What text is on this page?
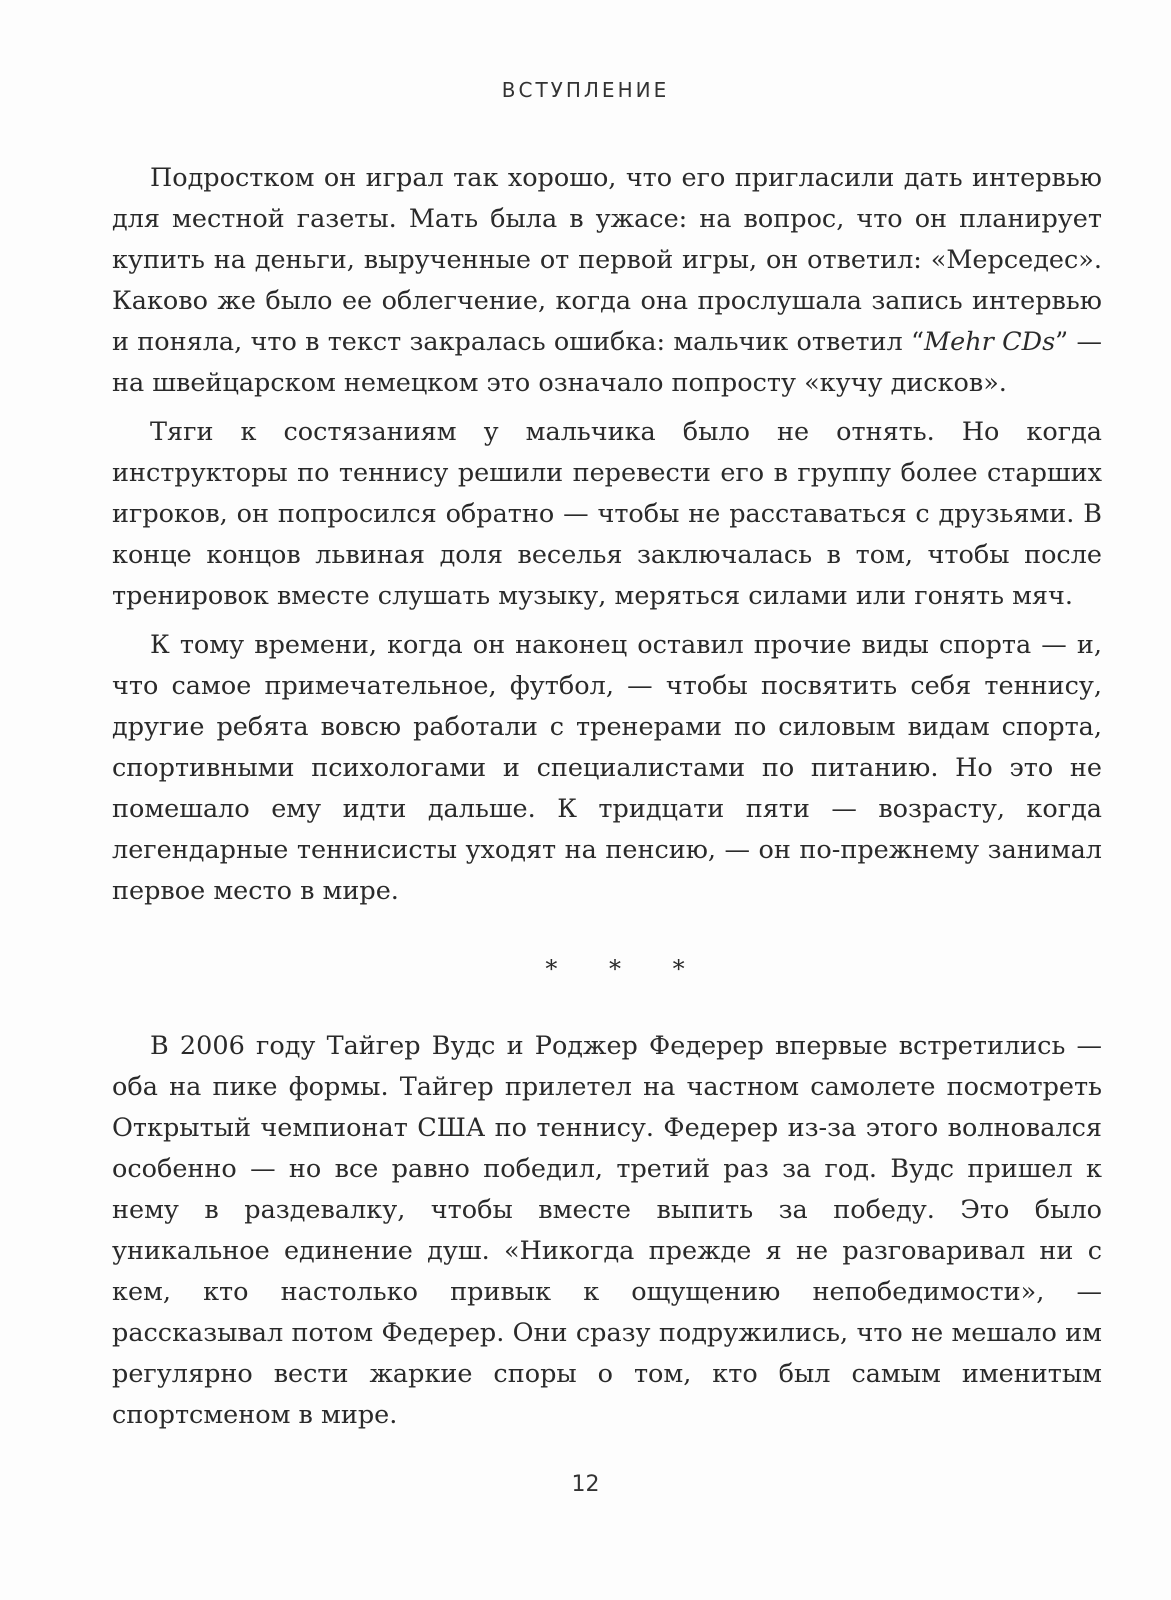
ВСТУПЛЕНИЕ

Подростком он играл так хорошо, что его пригласили дать интервью для местной газеты. Мать была в ужасе: на вопрос, что он планирует купить на деньги, вырученные от первой игры, он ответил: «Мерседес». Каково же было ее облегчение, когда она прослушала запись интервью и поняла, что в текст закралась ошибка: мальчик ответил “Mehr CDs” — на швейцарском немецком это означало попросту «кучу дисков».

Тяги к состязаниям у мальчика было не отнять. Но когда инструкторы по теннису решили перевести его в группу более старших игроков, он попросился обратно — чтобы не расставаться с друзьями. В конце концов львиная доля веселья заключалась в том, чтобы после тренировок вместе слушать музыку, меряться силами или гонять мяч.

К тому времени, когда он наконец оставил прочие виды спорта — и, что самое примечательное, футбол, — чтобы посвятить себя теннису, другие ребята вовсю работали с тренерами по силовым видам спорта, спортивными психологами и специалистами по питанию. Но это не помешало ему идти дальше. К тридцати пяти — возрасту, когда легендарные теннисисты уходят на пенсию, — он по-прежнему занимал первое место в мире.

* * *

В 2006 году Тайгер Вудс и Роджер Федерер впервые встретились — оба на пике формы. Тайгер прилетел на частном самолете посмотреть Открытый чемпионат США по теннису. Федерер из-за этого волновался особенно — но все равно победил, третий раз за год. Вудс пришел к нему в раздевалку, чтобы вместе выпить за победу. Это было уникальное единение душ. «Никогда прежде я не разговаривал ни с кем, кто настолько привык к ощущению непобедимости», — рассказывал потом Федерер. Они сразу подружились, что не мешало им регулярно вести жаркие споры о том, кто был самым именитым спортсменом в мире.

12
